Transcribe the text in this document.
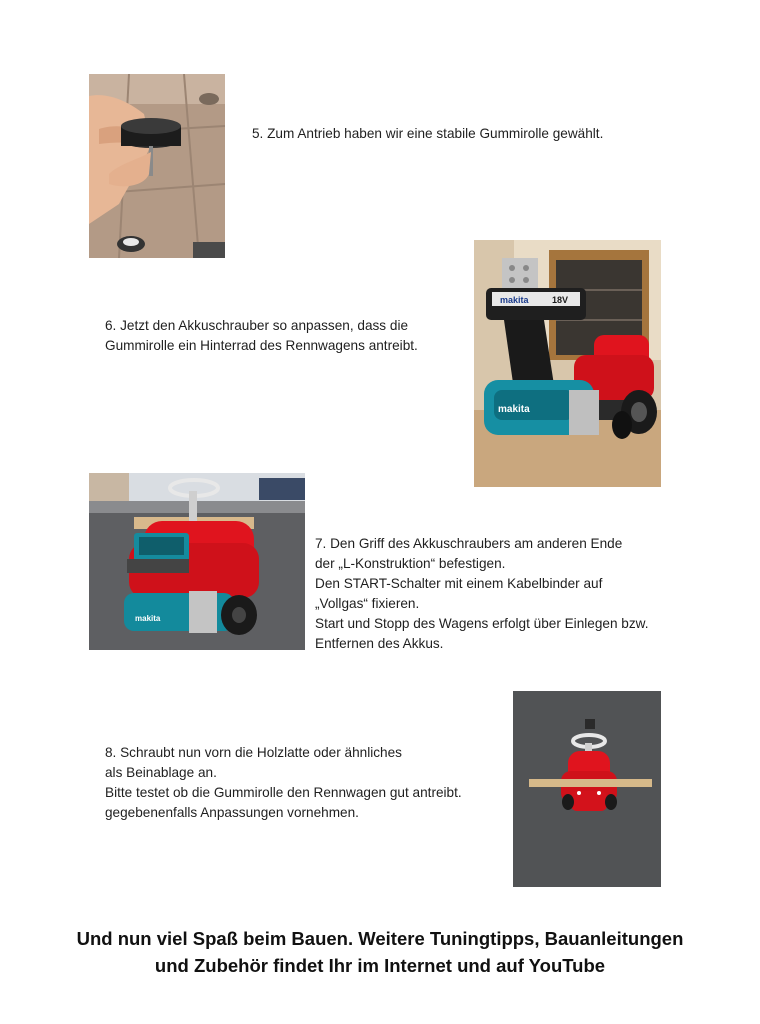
5. Zum Antrieb haben wir eine stabile Gummirolle gewählt.
6. Jetzt den Akkuschrauber so anpassen, dass die
Gummirolle ein Hinterrad des Rennwagens antreibt.
makita	18V
makita
makita
7. Den Griff des Akkuschraubers am anderen Ende
der „L-Konstruktion“ befestigen.
Den START-Schalter mit einem Kabelbinder auf
„Vollgas“ fixieren.
Start und Stopp des Wagens erfolgt über Einlegen bzw.
Entfernen des Akkus.
8. Schraubt nun vorn die Holzlatte oder ähnliches
als Beinablage an.
Bitte testet ob die Gummirolle den Rennwagen gut antreibt.
gegebenenfalls Anpassungen vornehmen.
Und nun viel Spaß beim Bauen. Weitere Tuningtipps, Bauanleitungen
und Zubehör findet Ihr im Internet und auf YouTube
